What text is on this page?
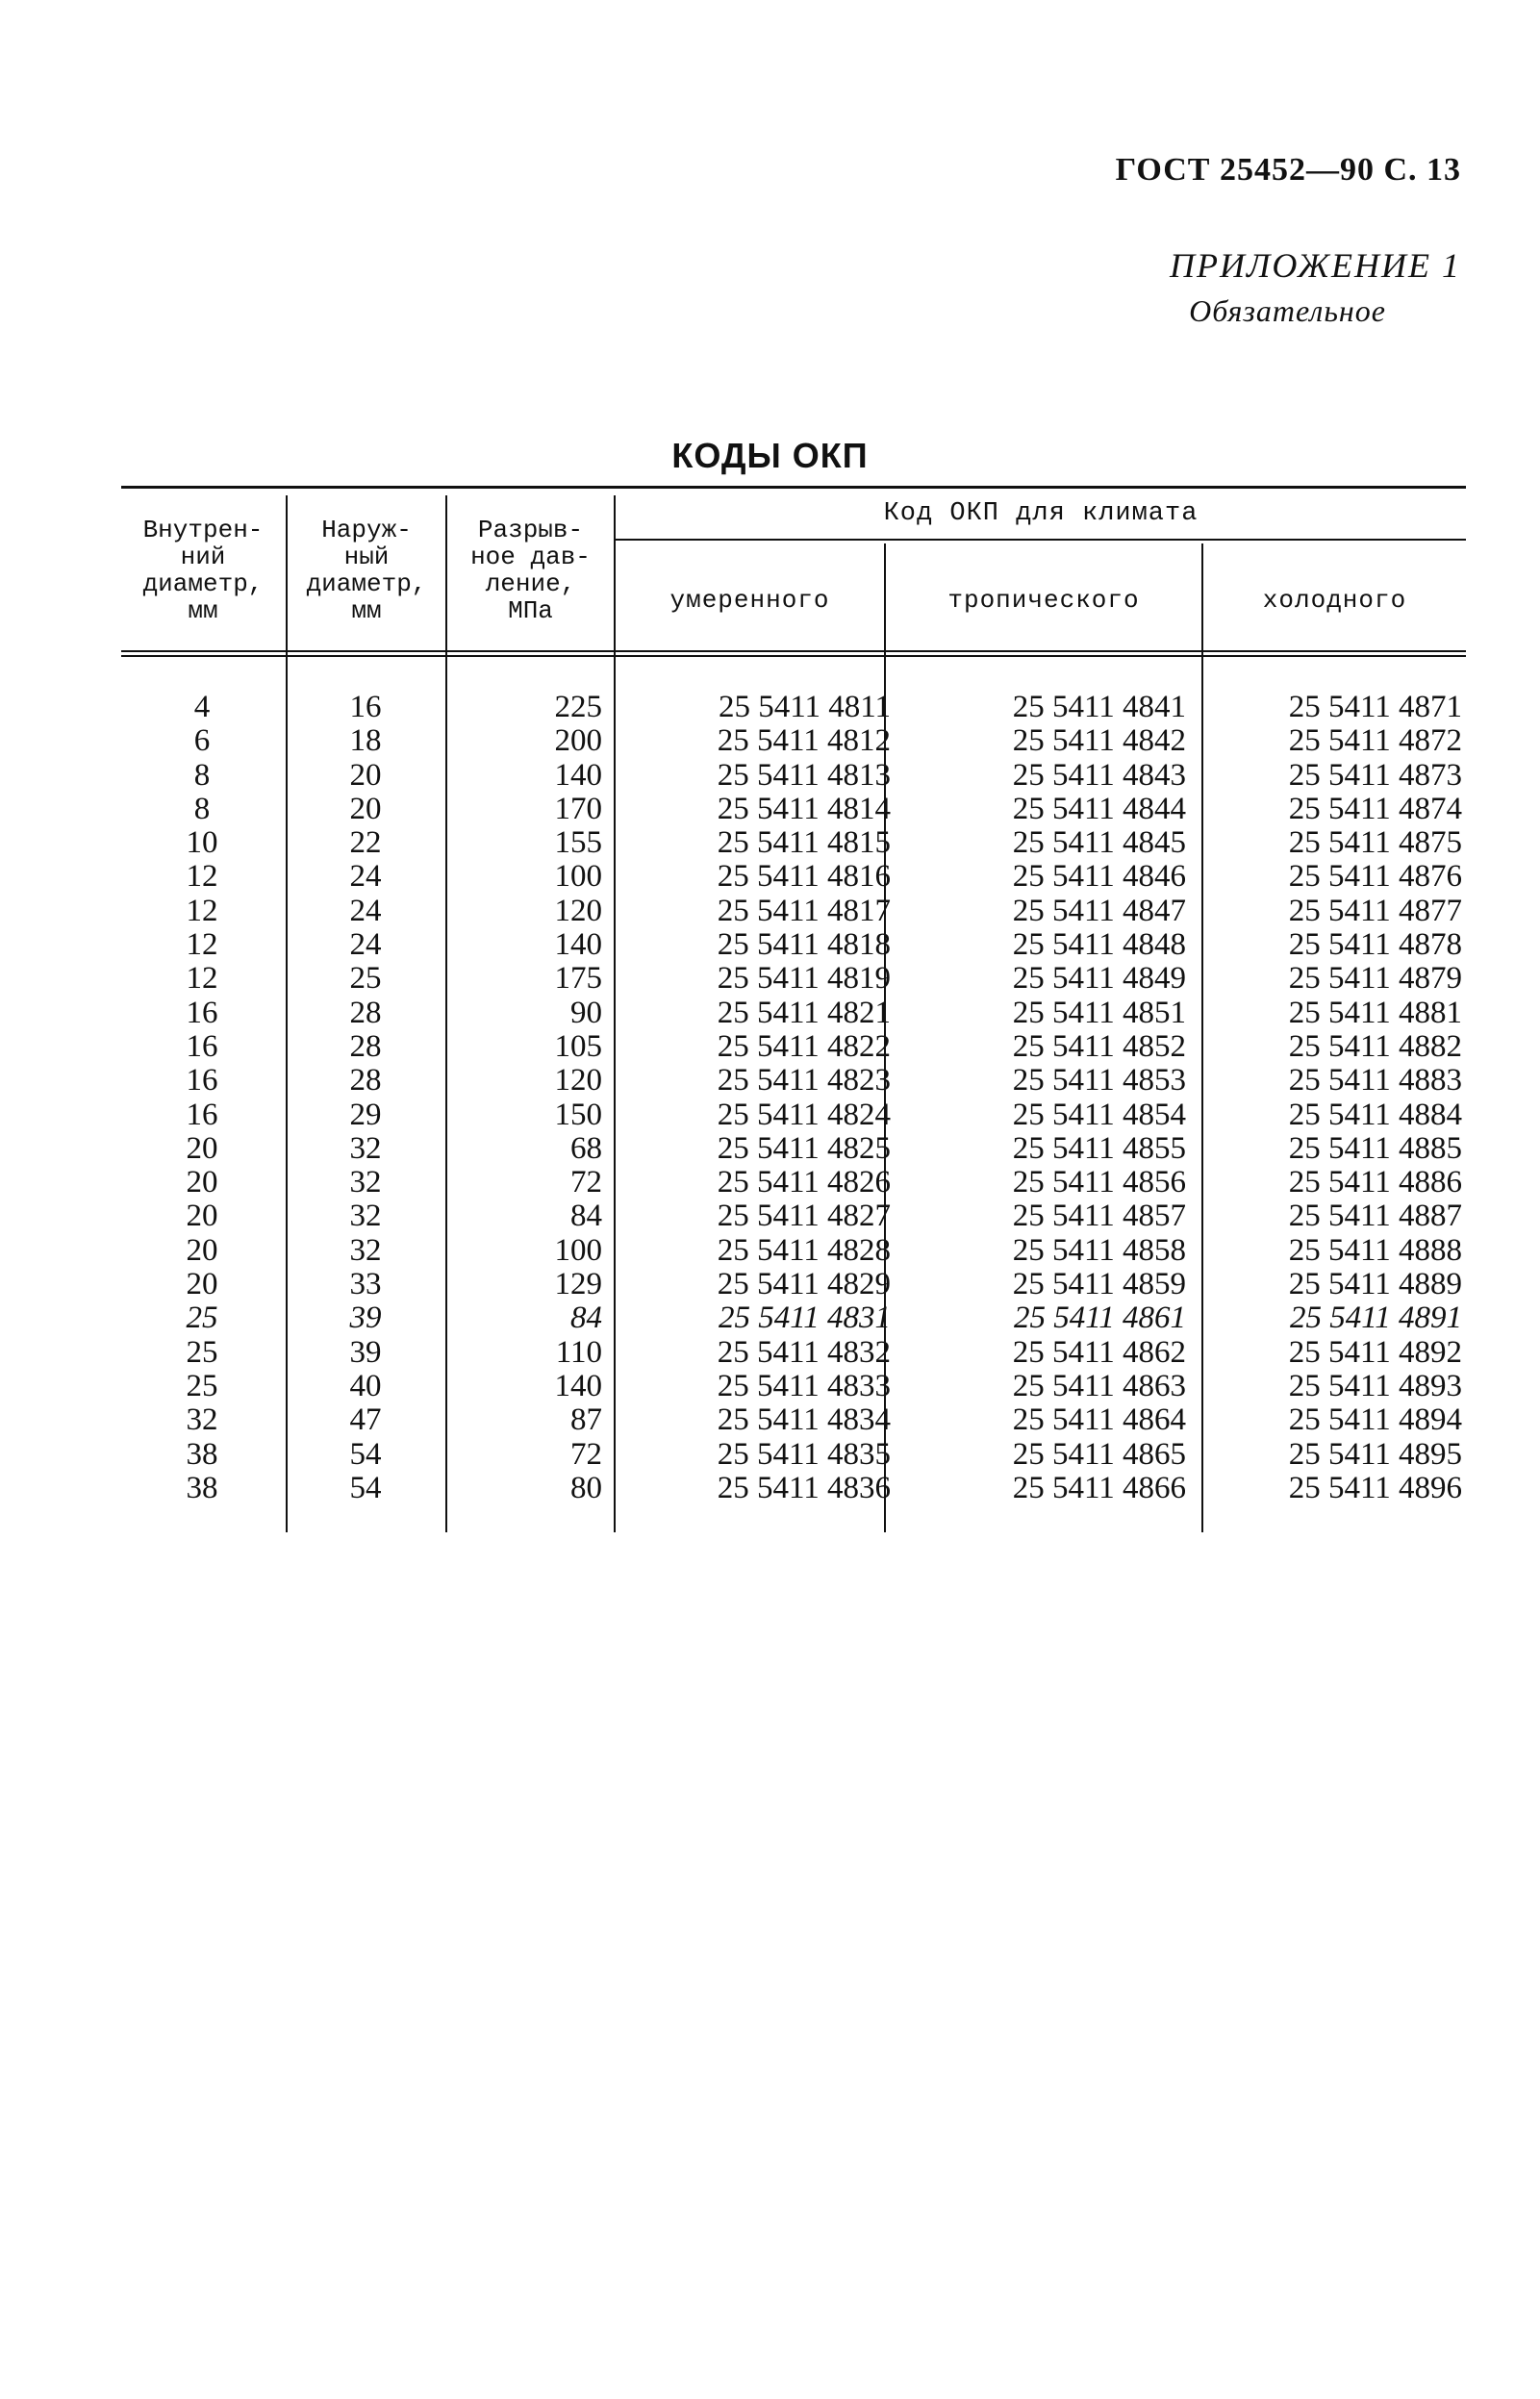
ГОСТ 25452—90 С. 13
ПРИЛОЖЕНИЕ 1
Обязательное
КОДЫ ОКП
Внутрен-
ний
диаметр,
мм
Наруж-
ный
диаметр,
мм
Разрыв-
ное дав-
ление,
МПа
Код ОКП для климата
умеренного	тропического	холодного
4	16	225	25 5411 4811	25 5411 4841	25 5411 4871
6	18	200	25 5411 4812	25 5411 4842	25 5411 4872
8	20	140	25 5411 4813	25 5411 4843	25 5411 4873
8	20	170	25 5411 4814	25 5411 4844	25 5411 4874
10	22	155	25 5411 4815	25 5411 4845	25 5411 4875
12	24	100	25 5411 4816	25 5411 4846	25 5411 4876
12	24	120	25 5411 4817	25 5411 4847	25 5411 4877
12	24	140	25 5411 4818	25 5411 4848	25 5411 4878
12	25	175	25 5411 4819	25 5411 4849	25 5411 4879
16	28	90	25 5411 4821	25 5411 4851	25 5411 4881
16	28	105	25 5411 4822	25 5411 4852	25 5411 4882
16	28	120	25 5411 4823	25 5411 4853	25 5411 4883
16	29	150	25 5411 4824	25 5411 4854	25 5411 4884
20	32	68	25 5411 4825	25 5411 4855	25 5411 4885
20	32	72	25 5411 4826	25 5411 4856	25 5411 4886
20	32	84	25 5411 4827	25 5411 4857	25 5411 4887
20	32	100	25 5411 4828	25 5411 4858	25 5411 4888
20	33	129	25 5411 4829	25 5411 4859	25 5411 4889
25	39	84	25 5411 4831	25 5411 4861	25 5411 4891
25	39	110	25 5411 4832	25 5411 4862	25 5411 4892
25	40	140	25 5411 4833	25 5411 4863	25 5411 4893
32	47	87	25 5411 4834	25 5411 4864	25 5411 4894
38	54	72	25 5411 4835	25 5411 4865	25 5411 4895
38	54	80	25 5411 4836	25 5411 4866	25 5411 4896
